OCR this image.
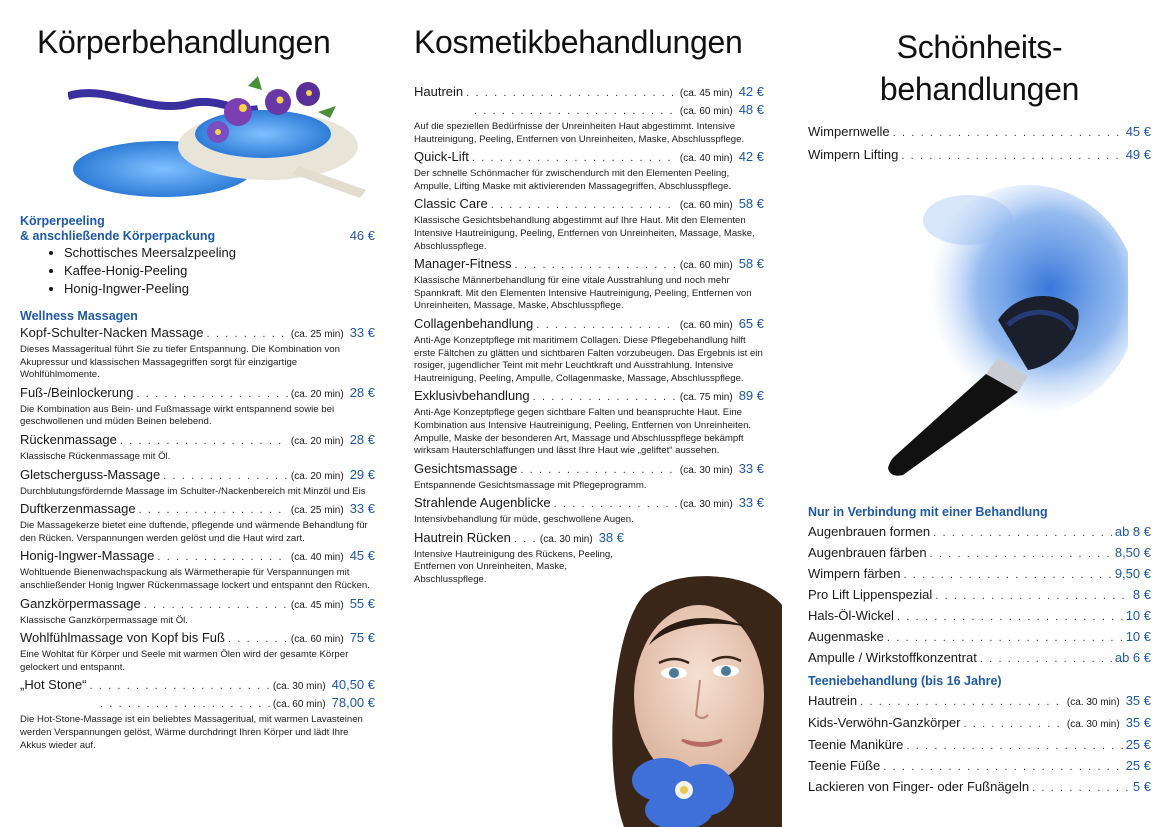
Körperbehandlungen
Körperpeeling
& anschließende Körperpackung	46 €
• Schottisches Meersalzpeeling
• Kaffee-Honig-Peeling
• Honig-Ingwer-Peeling
Wellness Massagen
Kopf-Schulter-Nacken Massage . . .	(ca. 25 min) 33 €
Dieses Massageritual führt Sie zu tiefer Entspannung. Die Kombination von Akupressur und klassischen Massagegriffen sorgt für einzigartige Wohlfühlmomente.
Fuß-/Beinlockerung . . .	(ca. 20 min) 28 €
Die Kombination aus Bein- und Fußmassage wirkt entspannend sowie bei geschwollenen und müden Beinen belebend.
Rückenmassage . . .	(ca. 20 min) 28 €
Klassische Rückenmassage mit Öl.
Gletscherguss-Massage . . .	(ca. 20 min) 29 €
Durchblutungsfördernde Massage im Schulter-/Nackenbereich mit Minzöl und Eis
Duftkerzenmassage . . .	(ca. 25 min) 33 €
Die Massagekerze bietet eine duftende, pflegende und wärmende Behandlung für den Rücken. Verspannungen werden gelöst und die Haut wird zart.
Honig-Ingwer-Massage . . .	(ca. 40 min) 45 €
Wohltuende Bienenwachspackung als Wärmetherapie für Verspannungen mit anschließender Honig Ingwer Rückenmassage lockert und entspannt den Rücken.
Ganzkörpermassage . . .	(ca. 45 min) 55 €
Klassische Ganzkörpermassage mit Öl.
Wohlfühlmassage von Kopf bis Fuß . . .	(ca. 60 min) 75 €
Eine Wohltat für Körper und Seele mit warmen Ölen wird der gesamte Körper gelockert und entspannt.
„Hot Stone“ . . .	(ca. 30 min) 40,50 €
. . .
(ca. 60 min) 78,00 €
Die Hot-Stone-Massage ist ein beliebtes Massageritual, mit warmen Lavasteinen werden Verspannungen gelöst, Wärme durchdringt Ihren Körper und lädt Ihre Akkus wieder auf.
Kosmetikbehandlungen
Hautrein . . .	(ca. 45 min) 42 €
. . .
(ca. 60 min) 48 €
Auf die speziellen Bedürfnisse der Unreinheiten Haut abgestimmt. Intensive Hautreinigung, Peeling, Entfernen von Unreinheiten, Maske, Abschlusspflege.
Quick-Lift . . .	(ca. 40 min) 42 €
Der schnelle Schönmacher für zwischendurch mit den Elementen Peeling, Ampulle, Lifting Maske mit aktivierenden Massagegriffen, Abschlusspflege.
Classic Care . . .	(ca. 60 min) 58 €
Klassische Gesichtsbehandlung abgestimmt auf Ihre Haut. Mit den Elementen Intensive Hautreinigung, Peeling, Entfernen von Unreinheiten, Massage, Maske, Abschlusspflege.
Manager-Fitness . . .	(ca. 60 min) 58 €
Klassische Männerbehandlung für eine vitale Ausstrahlung und noch mehr Spannkraft. Mit den Elementen Intensive Hautreinigung, Peeling, Entfernen von Unreinheiten, Massage, Maske, Abschlusspflege.
Collagenbehandlung . . .	(ca. 60 min) 65 €
Anti-Age Konzeptpflege mit maritimem Collagen. Diese Pflegebehandlung hilft erste Fältchen zu glätten und sichtbaren Falten vorzubeugen. Das Ergebnis ist ein rosiger, jugendlicher Teint mit mehr Leuchtkraft und Ausstrahlung. Intensive Hautreinigung, Peeling, Ampulle, Collagenmaske, Massage, Abschlusspflege.
Exklusivbehandlung . . .	(ca. 75 min) 89 €
Anti-Age Konzeptpflege gegen sichtbare Falten und beanspruchte Haut. Eine Kombination aus Intensive Hautreinigung, Peeling, Entfernen von Unreinheiten. Ampulle, Maske der besonderen Art, Massage und Abschlusspflege bekämpft wirksam Hauterschlaffungen und lässt Ihre Haut wie „geliftet“ aussehen.
Gesichtsmassage . . .	(ca. 30 min) 33 €
Entspannende Gesichtsmassage mit Pflegeprogramm.
Strahlende Augenblicke . . .	(ca. 30 min) 33 €
Intensivbehandlung für müde, geschwollene Augen.
Hautrein Rücken . . .	(ca. 30 min) 38 €
Intensive Hautreinigung des Rückens, Peeling, Entfernen von Unreinheiten, Maske, Abschlusspflege.
Schönheits-
behandlungen
Wimpernwelle . . .	45 €
Wimpern Lifting . . .	49 €
Nur in Verbindung mit einer Behandlung
Augenbrauen formen . . .	ab 8 €
Augenbrauen färben . . .	8,50 €
Wimpern färben . . .	9,50 €
Pro Lift Lippenspezial . . .	8 €
Hals-Öl-Wickel . . .	10 €
Augenmaske . . .	10 €
Ampulle / Wirkstoffkonzentrat . . .	ab 6 €
Teeniebehandlung (bis 16 Jahre)
Hautrein . . .	(ca. 30 min) 35 €
Kids-Verwöhn-Ganzkörper . . .	(ca. 30 min) 35 €
Teenie Maniküre . . .	25 €
Teenie Füße . . .	25 €
Lackieren von Finger- oder Fußnägeln . . .	5 €
